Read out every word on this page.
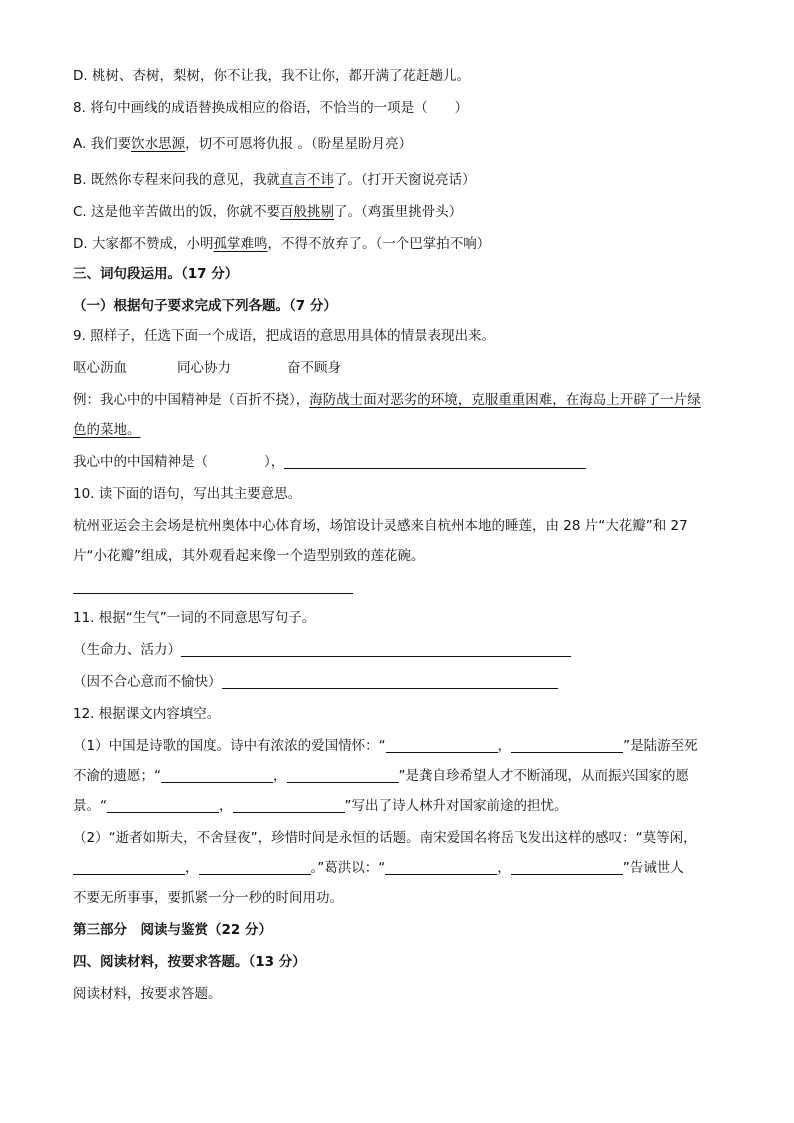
D. 桃树、杏树，梨树，你不让我，我不让你，都开满了花赶趟儿。
8. 将句中画线的成语替换成相应的俗语，不恰当的一项是（　　）
A. 我们要饮水思源，切不可恩将仇报 。（盼星星盼月亮）
B. 既然你专程来问我的意见，我就直言不讳了。（打开天窗说亮话）
C. 这是他辛苦做出的饭，你就不要百般挑剔了。（鸡蛋里挑骨头）
D. 大家都不赞成，小明孤掌难鸣，不得不放弃了。（一个巴掌拍不响）
三、词句段运用。（17 分）
（一）根据句子要求完成下列各题。（7 分）
9. 照样子，任选下面一个成语，把成语的意思用具体的情景表现出来。
呕心沥血	同心协力	奋不顾身
例：我心中的中国精神是（百折不挠），海防战士面对恶劣的环境，克服重重困难，在海岛上开辟了一片绿
色的菜地。
我心中的中国精神是（	），
10. 读下面的语句，写出其主要意思。
杭州亚运会主会场是杭州奥体中心体育场，场馆设计灵感来自杭州本地的睡莲，由 28 片“大花瓣”和 27
片“小花瓣”组成，其外观看起来像一个造型别致的莲花碗。
11. 根据“生气”一词的不同意思写句子。
（生命力、活力）
（因不合心意而不愉快）
12. 根据课文内容填空。
（1）中国是诗歌的国度。诗中有浓浓的爱国情怀：“	，	”是陆游至死
不渝的遗愿；“	，	”是龚自珍希望人才不断涌现，从而振兴国家的愿
景。“	，	”写出了诗人林升对国家前途的担忧。
（2）“逝者如斯夫，不舍昼夜”，珍惜时间是永恒的话题。南宋爱国名将岳飞发出这样的感叹：“莫等闲，
，	。”葛洪以：“	，	”告诫世人
不要无所事事，要抓紧一分一秒的时间用功。
第三部分　阅读与鉴赏（22 分）
四、阅读材料，按要求答题。（13 分）
阅读材料，按要求答题。
